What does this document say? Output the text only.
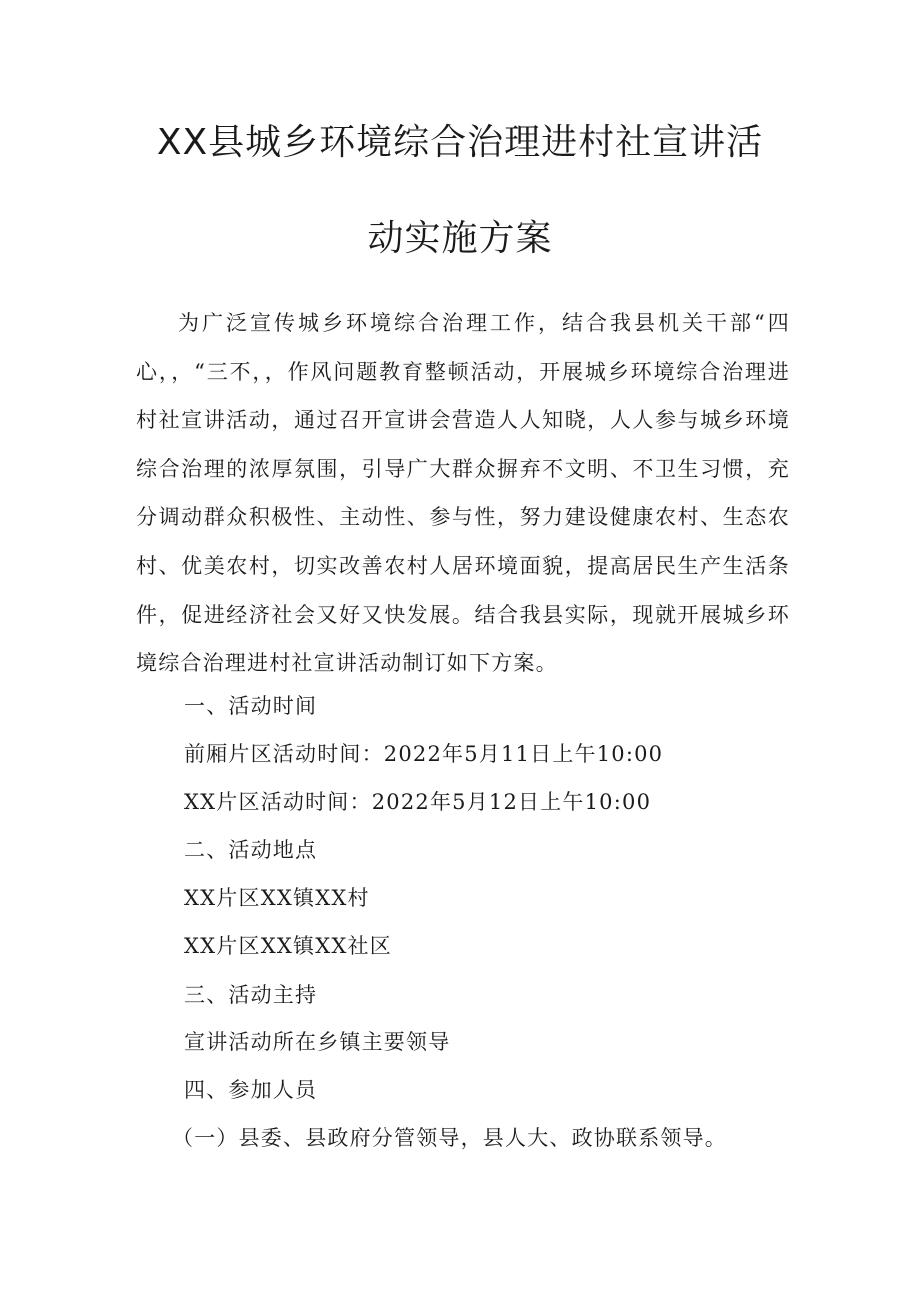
XX县城乡环境综合治理进村社宣讲活
动实施方案

为广泛宣传城乡环境综合治理工作，结合我县机关干部“四心，，“三不，，作风问题教育整顿活动，开展城乡环境综合治理进村社宣讲活动，通过召开宣讲会营造人人知晓，人人参与城乡环境综合治理的浓厚氛围，引导广大群众摒弃不文明、不卫生习惯，充分调动群众积极性、主动性、参与性，努力建设健康农村、生态农村、优美农村，切实改善农村人居环境面貌，提高居民生产生活条件，促进经济社会又好又快发展。结合我县实际，现就开展城乡环境综合治理进村社宣讲活动制订如下方案。

一、活动时间
前厢片区活动时间：2022年5月11日上午10:00
XX片区活动时间：2022年5月12日上午10:00
二、活动地点
XX片区XX镇XX村
XX片区XX镇XX社区
三、活动主持
宣讲活动所在乡镇主要领导
四、参加人员
（一）县委、县政府分管领导，县人大、政协联系领导。
